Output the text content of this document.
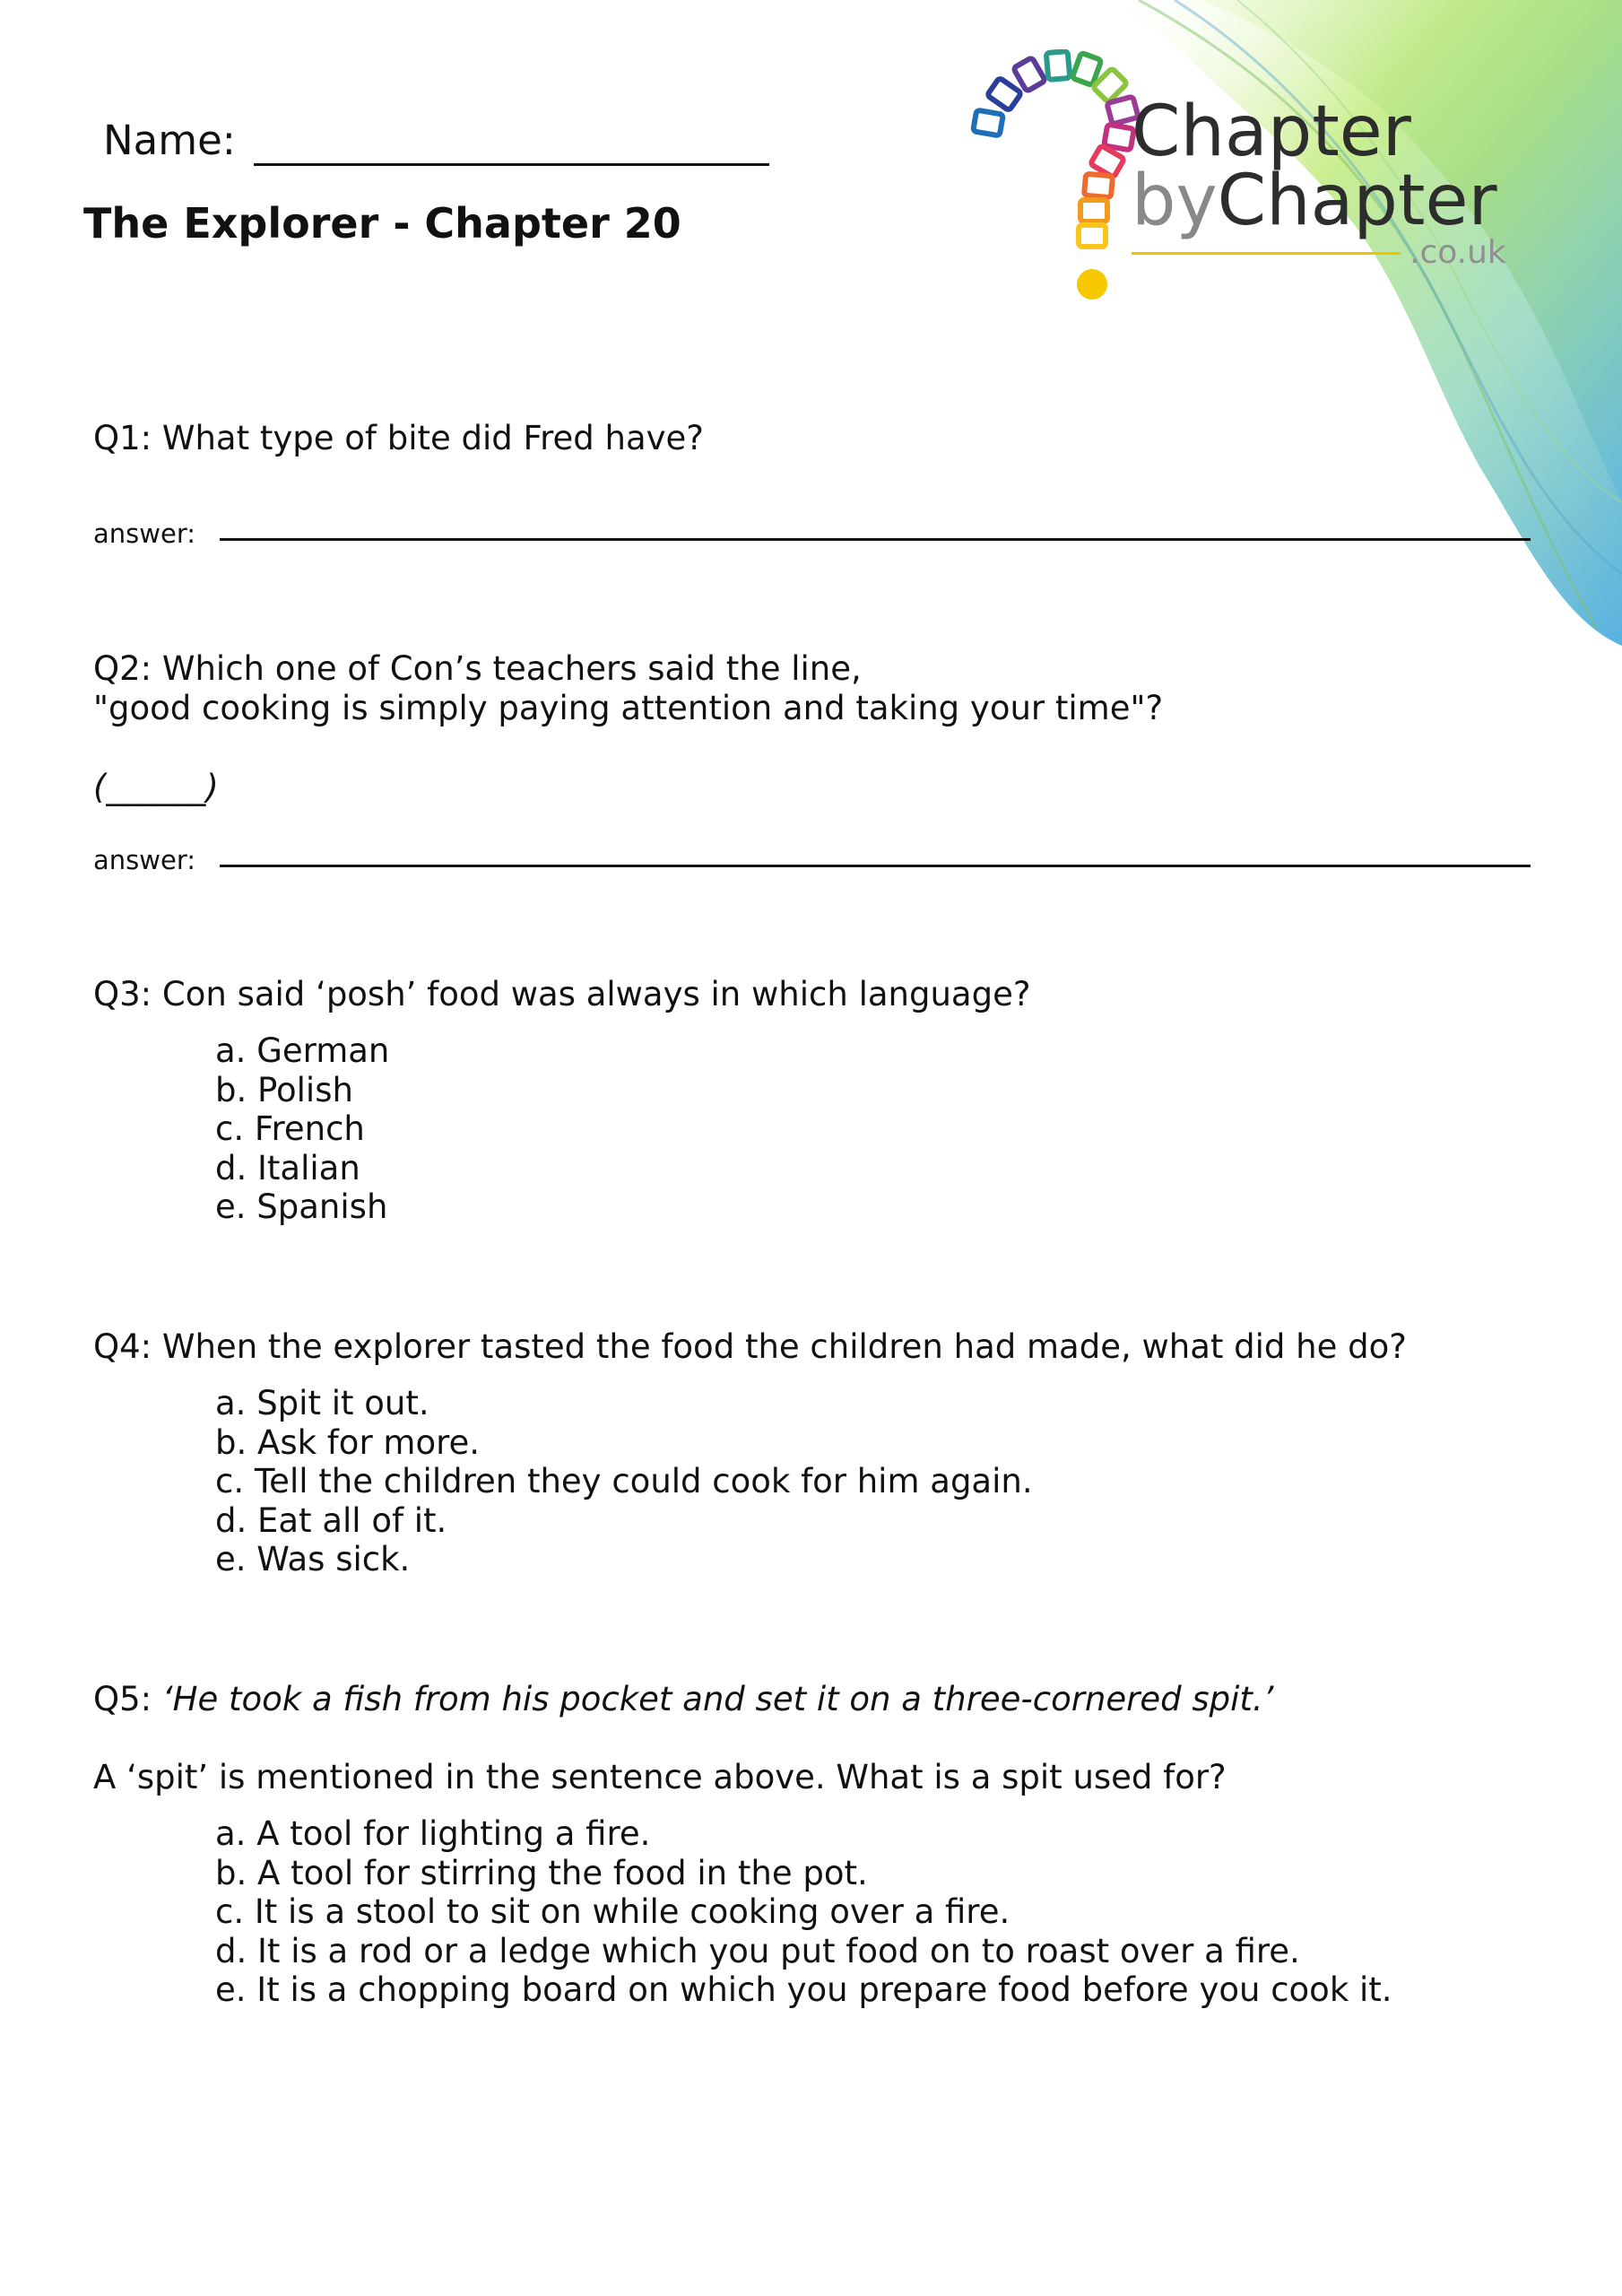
Name:
The Explorer - Chapter 20
Chapter
byChapter
.co.uk
Q1: What type of bite did Fred have?
answer:
Q2: Which one of Con’s teachers said the line,
"good cooking is simply paying attention and taking your time"?
(______)
answer:
Q3: Con said ‘posh’ food was always in which language?
a. German
b. Polish
c. French
d. Italian
e. Spanish
Q4: When the explorer tasted the food the children had made, what did he do?
a. Spit it out.
b. Ask for more.
c. Tell the children they could cook for him again.
d. Eat all of it.
e. Was sick.
Q5: ‘He took a fish from his pocket and set it on a three-cornered spit.’
A ‘spit’ is mentioned in the sentence above. What is a spit used for?
a. A tool for lighting a fire.
b. A tool for stirring the food in the pot.
c. It is a stool to sit on while cooking over a fire.
d. It is a rod or a ledge which you put food on to roast over a fire.
e. It is a chopping board on which you prepare food before you cook it.
